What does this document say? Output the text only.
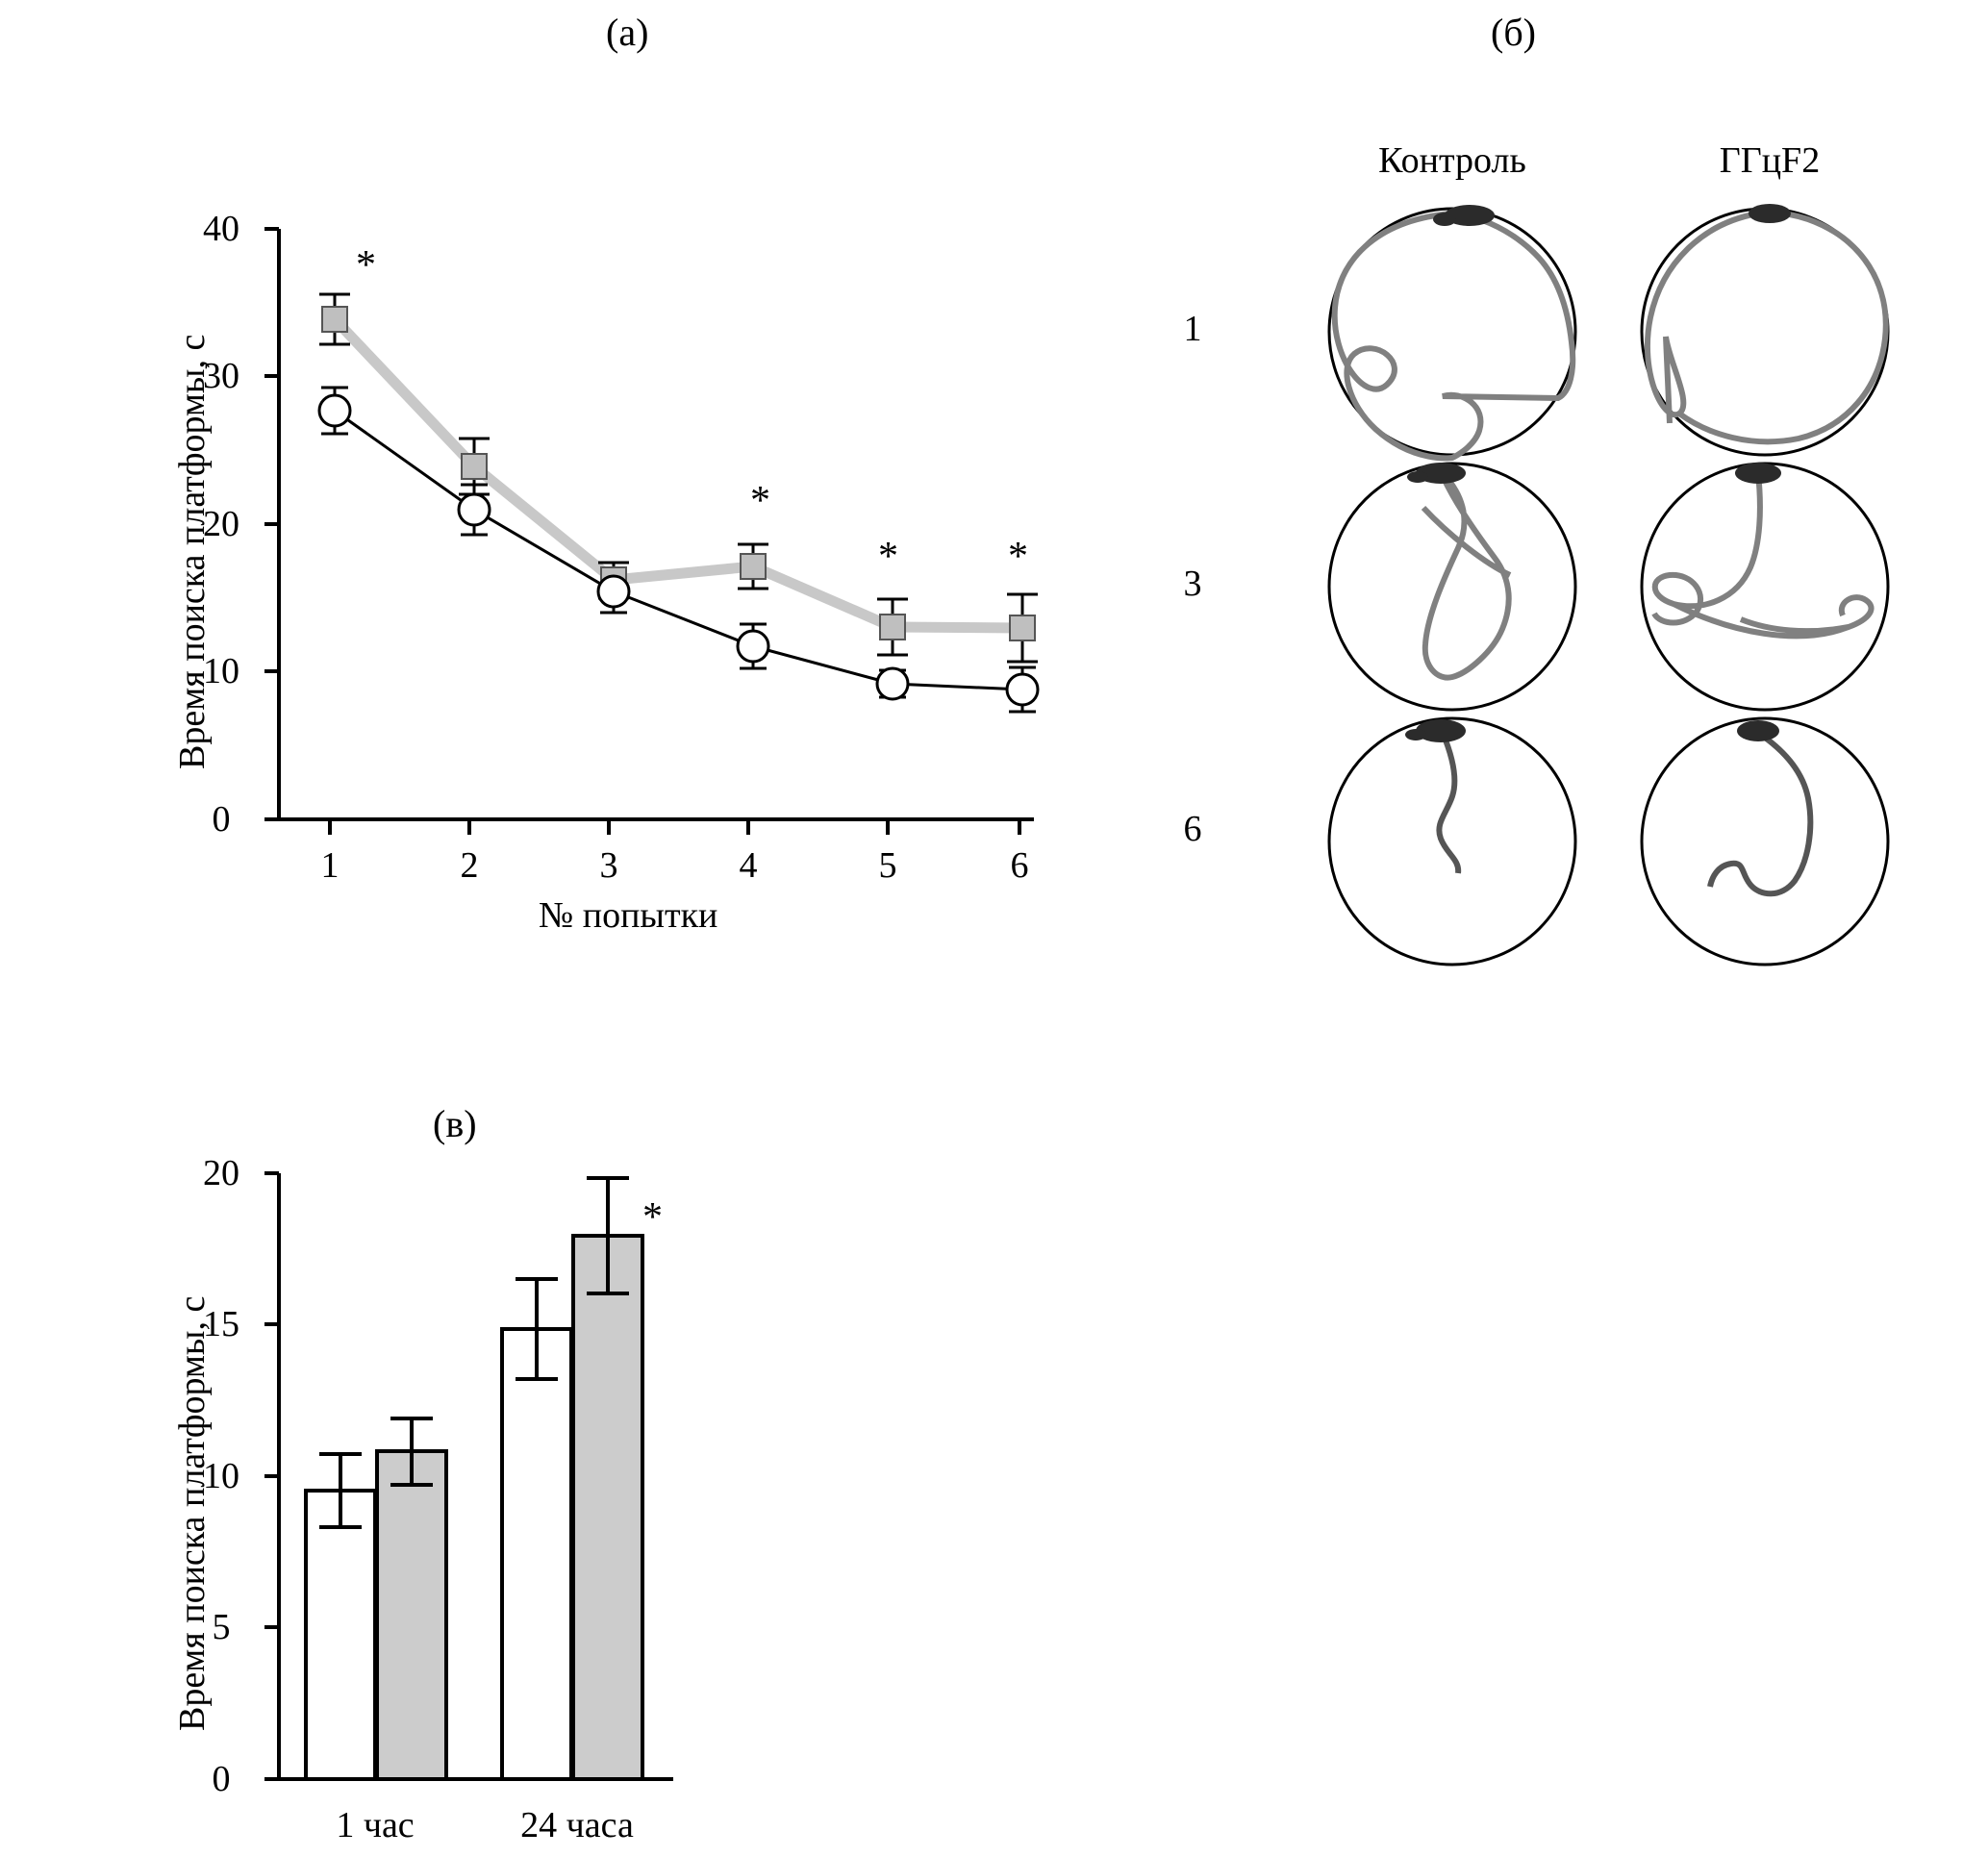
(а)
40
30
20
10
0
1	2	3	4	5	6
Время поиска платформы, с
№ попытки
*
*
*	*
(б)
Контроль	ГГцF2
1
3
6
(в)
20
15
10
5
0
1 час	24 часа
Время поиска платформы, с
*
